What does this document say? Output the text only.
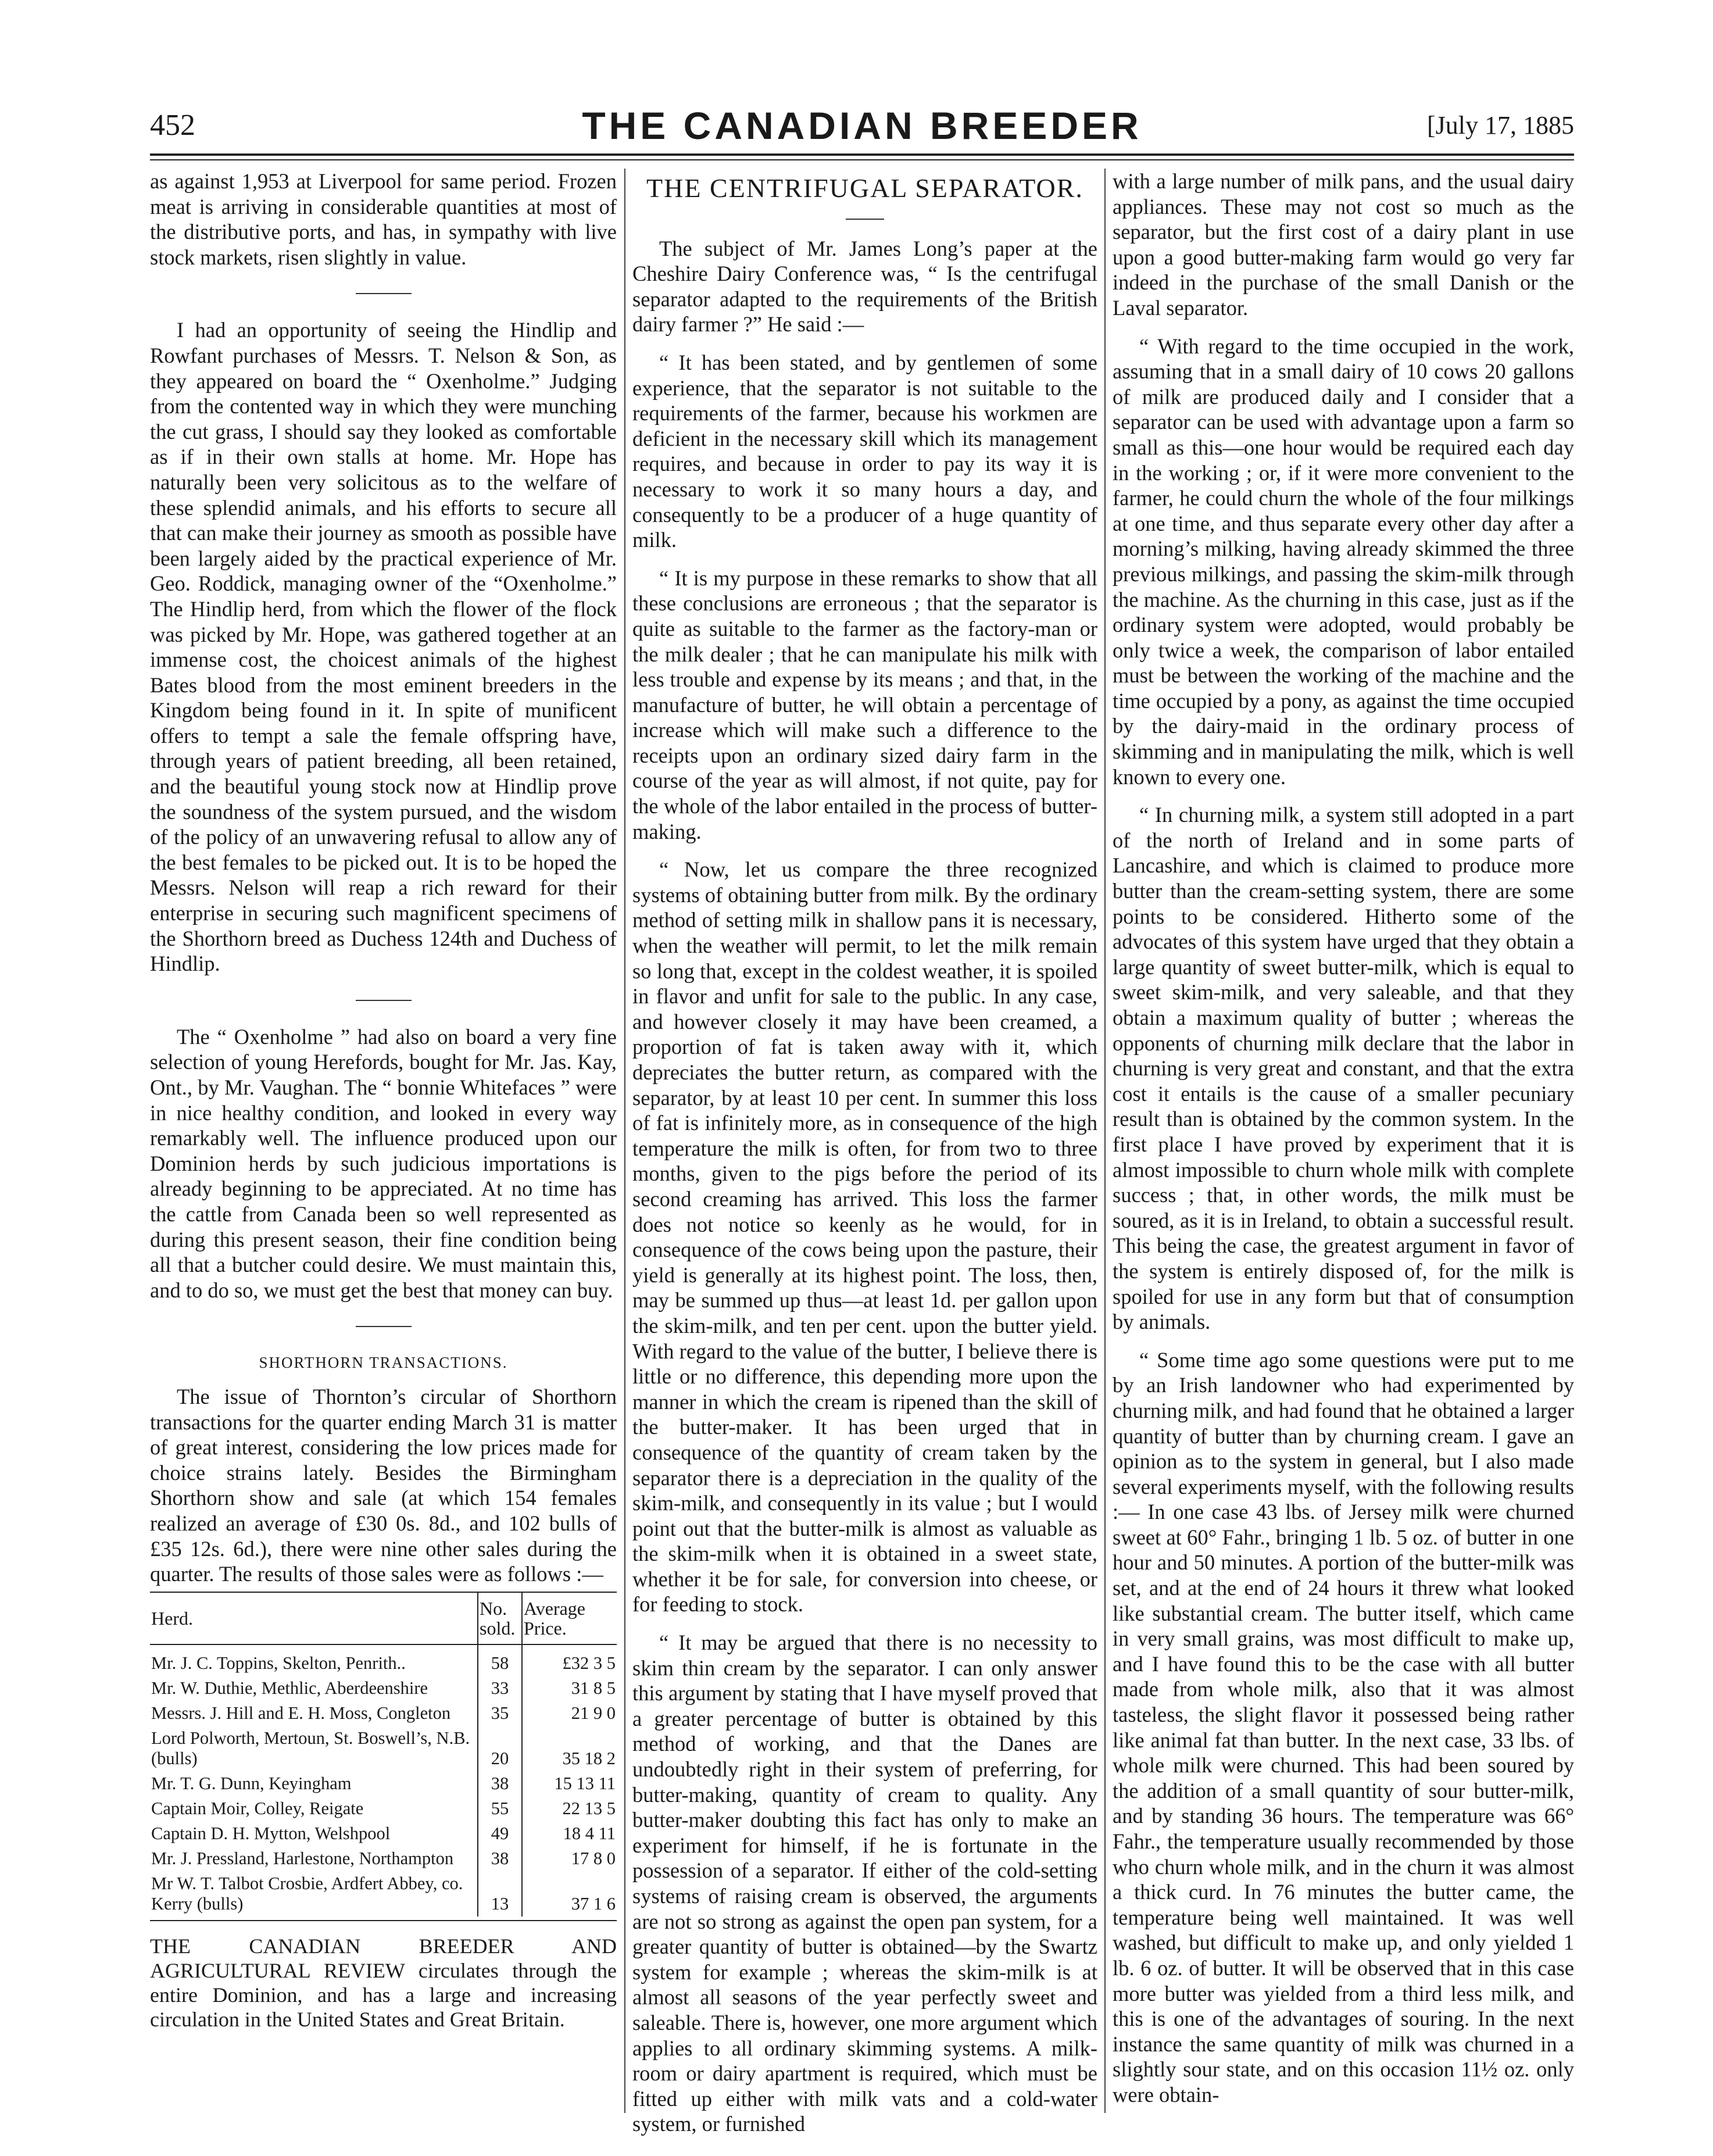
452	THE CANADIAN BREEDER	[July 17, 1885

as against 1,953 at Liverpool for same period. Frozen meat is arriving in considerable quantities at most of the distributive ports, and has, in sympathy with live stock markets, risen slightly in value.

I had an opportunity of seeing the Hindlip and Rowfant purchases of Messrs. T. Nelson & Son, as they appeared on board the “ Oxenholme.” Judging from the contented way in which they were munching the cut grass, I should say they looked as comfortable as if in their own stalls at home. Mr. Hope has naturally been very solicitous as to the welfare of these splendid animals, and his efforts to secure all that can make their journey as smooth as possible have been largely aided by the practical experience of Mr. Geo. Roddick, managing owner of the “Oxenholme.” The Hindlip herd, from which the flower of the flock was picked by Mr. Hope, was gathered together at an immense cost, the choicest animals of the highest Bates blood from the most eminent breeders in the Kingdom being found in it. In spite of munificent offers to tempt a sale the female offspring have, through years of patient breeding, all been retained, and the beautiful young stock now at Hindlip prove the soundness of the system pursued, and the wisdom of the policy of an unwavering refusal to allow any of the best females to be picked out. It is to be hoped the Messrs. Nelson will reap a rich reward for their enterprise in securing such magnificent specimens of the Shorthorn breed as Duchess 124th and Duchess of Hindlip.

The “ Oxenholme ” had also on board a very fine selection of young Herefords, bought for Mr. Jas. Kay, Ont., by Mr. Vaughan. The “ bonnie Whitefaces ” were in nice healthy condition, and looked in every way remarkably well. The influence produced upon our Dominion herds by such judicious importations is already beginning to be appreciated. At no time has the cattle from Canada been so well represented as during this present season, their fine condition being all that a butcher could desire. We must maintain this, and to do so, we must get the best that money can buy.

SHORTHORN TRANSACTIONS.

The issue of Thornton’s circular of Shorthorn transactions for the quarter ending March 31 is matter of great interest, considering the low prices made for choice strains lately. Besides the Birmingham Shorthorn show and sale (at which 154 females realized an average of £30 0s. 8d., and 102 bulls of £35 12s. 6d.), there were nine other sales during the quarter. The results of those sales were as follows :—

Herd.	No. sold.	Average Price.

Mr. J. C. Toppins, Skelton, Penrith..	58	£32 3 5
Mr. W. Duthie, Methlic, Aberdeenshire	33	31 8 5
Messrs. J. Hill and E. H. Moss, Congleton	35	21 9 0
Lord Polworth, Mertoun, St. Boswell’s, N.B. (bulls)	20	35 18 2
Mr. T. G. Dunn, Keyingham	38	15 13 11
Captain Moir, Colley, Reigate	55	22 13 5
Captain D. H. Mytton, Welshpool	49	18 4 11
Mr. J. Pressland, Harlestone, Northampton	38	17 8 0
Mr W. T. Talbot Crosbie, Ardfert Abbey, co. Kerry (bulls)	13	37 1 6

THE CANADIAN BREEDER AND AGRICULTURAL REVIEW circulates through the entire Dominion, and has a large and increasing circulation in the United States and Great Britain.

THE CENTRIFUGAL SEPARATOR.

The subject of Mr. James Long’s paper at the Cheshire Dairy Conference was, “ Is the centrifugal separator adapted to the requirements of the British dairy farmer ?” He said :—

“ It has been stated, and by gentlemen of some experience, that the separator is not suitable to the requirements of the farmer, because his workmen are deficient in the necessary skill which its management requires, and because in order to pay its way it is necessary to work it so many hours a day, and consequently to be a producer of a huge quantity of milk.

“ It is my purpose in these remarks to show that all these conclusions are erroneous ; that the separator is quite as suitable to the farmer as the factory-man or the milk dealer ; that he can manipulate his milk with less trouble and expense by its means ; and that, in the manufacture of butter, he will obtain a percentage of increase which will make such a difference to the receipts upon an ordinary sized dairy farm in the course of the year as will almost, if not quite, pay for the whole of the labor entailed in the process of butter-making.

“ Now, let us compare the three recognized systems of obtaining butter from milk. By the ordinary method of setting milk in shallow pans it is necessary, when the weather will permit, to let the milk remain so long that, except in the coldest weather, it is spoiled in flavor and unfit for sale to the public. In any case, and however closely it may have been creamed, a proportion of fat is taken away with it, which depreciates the butter return, as compared with the separator, by at least 10 per cent. In summer this loss of fat is infinitely more, as in consequence of the high temperature the milk is often, for from two to three months, given to the pigs before the period of its second creaming has arrived. This loss the farmer does not notice so keenly as he would, for in consequence of the cows being upon the pasture, their yield is generally at its highest point. The loss, then, may be summed up thus—at least 1d. per gallon upon the skim-milk, and ten per cent. upon the butter yield. With regard to the value of the butter, I believe there is little or no difference, this depending more upon the manner in which the cream is ripened than the skill of the butter-maker. It has been urged that in consequence of the quantity of cream taken by the separator there is a depreciation in the quality of the skim-milk, and consequently in its value ; but I would point out that the butter-milk is almost as valuable as the skim-milk when it is obtained in a sweet state, whether it be for sale, for conversion into cheese, or for feeding to stock.

“ It may be argued that there is no necessity to skim thin cream by the separator. I can only answer this argument by stating that I have myself proved that a greater percentage of butter is obtained by this method of working, and that the Danes are undoubtedly right in their system of preferring, for butter-making, quantity of cream to quality. Any butter-maker doubting this fact has only to make an experiment for himself, if he is fortunate in the possession of a separator. If either of the cold-setting systems of raising cream is observed, the arguments are not so strong as against the open pan system, for a greater quantity of butter is obtained—by the Swartz system for example ; whereas the skim-milk is at almost all seasons of the year perfectly sweet and saleable. There is, however, one more argument which applies to all ordinary skimming systems. A milk-room or dairy apartment is required, which must be fitted up either with milk vats and a cold-water system, or furnished

with a large number of milk pans, and the usual dairy appliances. These may not cost so much as the separator, but the first cost of a dairy plant in use upon a good butter-making farm would go very far indeed in the purchase of the small Danish or the Laval separator.

“ With regard to the time occupied in the work, assuming that in a small dairy of 10 cows 20 gallons of milk are produced daily and I consider that a separator can be used with advantage upon a farm so small as this—one hour would be required each day in the working ; or, if it were more convenient to the farmer, he could churn the whole of the four milkings at one time, and thus separate every other day after a morning’s milking, having already skimmed the three previous milkings, and passing the skim-milk through the machine. As the churning in this case, just as if the ordinary system were adopted, would probably be only twice a week, the comparison of labor entailed must be between the working of the machine and the time occupied by a pony, as against the time occupied by the dairy-maid in the ordinary process of skimming and in manipulating the milk, which is well known to every one.

“ In churning milk, a system still adopted in a part of the north of Ireland and in some parts of Lancashire, and which is claimed to produce more butter than the cream-setting system, there are some points to be considered. Hitherto some of the advocates of this system have urged that they obtain a large quantity of sweet butter-milk, which is equal to sweet skim-milk, and very saleable, and that they obtain a maximum quality of butter ; whereas the opponents of churning milk declare that the labor in churning is very great and constant, and that the extra cost it entails is the cause of a smaller pecuniary result than is obtained by the common system. In the first place I have proved by experiment that it is almost impossible to churn whole milk with complete success ; that, in other words, the milk must be soured, as it is in Ireland, to obtain a successful result. This being the case, the greatest argument in favor of the system is entirely disposed of, for the milk is spoiled for use in any form but that of consumption by animals.

“ Some time ago some questions were put to me by an Irish landowner who had experimented by churning milk, and had found that he obtained a larger quantity of butter than by churning cream. I gave an opinion as to the system in general, but I also made several experiments myself, with the following results :— In one case 43 lbs. of Jersey milk were churned sweet at 60° Fahr., bringing 1 lb. 5 oz. of butter in one hour and 50 minutes. A portion of the butter-milk was set, and at the end of 24 hours it threw what looked like substantial cream. The butter itself, which came in very small grains, was most difficult to make up, and I have found this to be the case with all butter made from whole milk, also that it was almost tasteless, the slight flavor it possessed being rather like animal fat than butter. In the next case, 33 lbs. of whole milk were churned. This had been soured by the addition of a small quantity of sour butter-milk, and by standing 36 hours. The temperature was 66° Fahr., the temperature usually recommended by those who churn whole milk, and in the churn it was almost a thick curd. In 76 minutes the butter came, the temperature being well maintained. It was well washed, but difficult to make up, and only yielded 1 lb. 6 oz. of butter. It will be observed that in this case more butter was yielded from a third less milk, and this is one of the advantages of souring. In the next instance the same quantity of milk was churned in a slightly sour state, and on this occasion 11½ oz. only were obtain-
